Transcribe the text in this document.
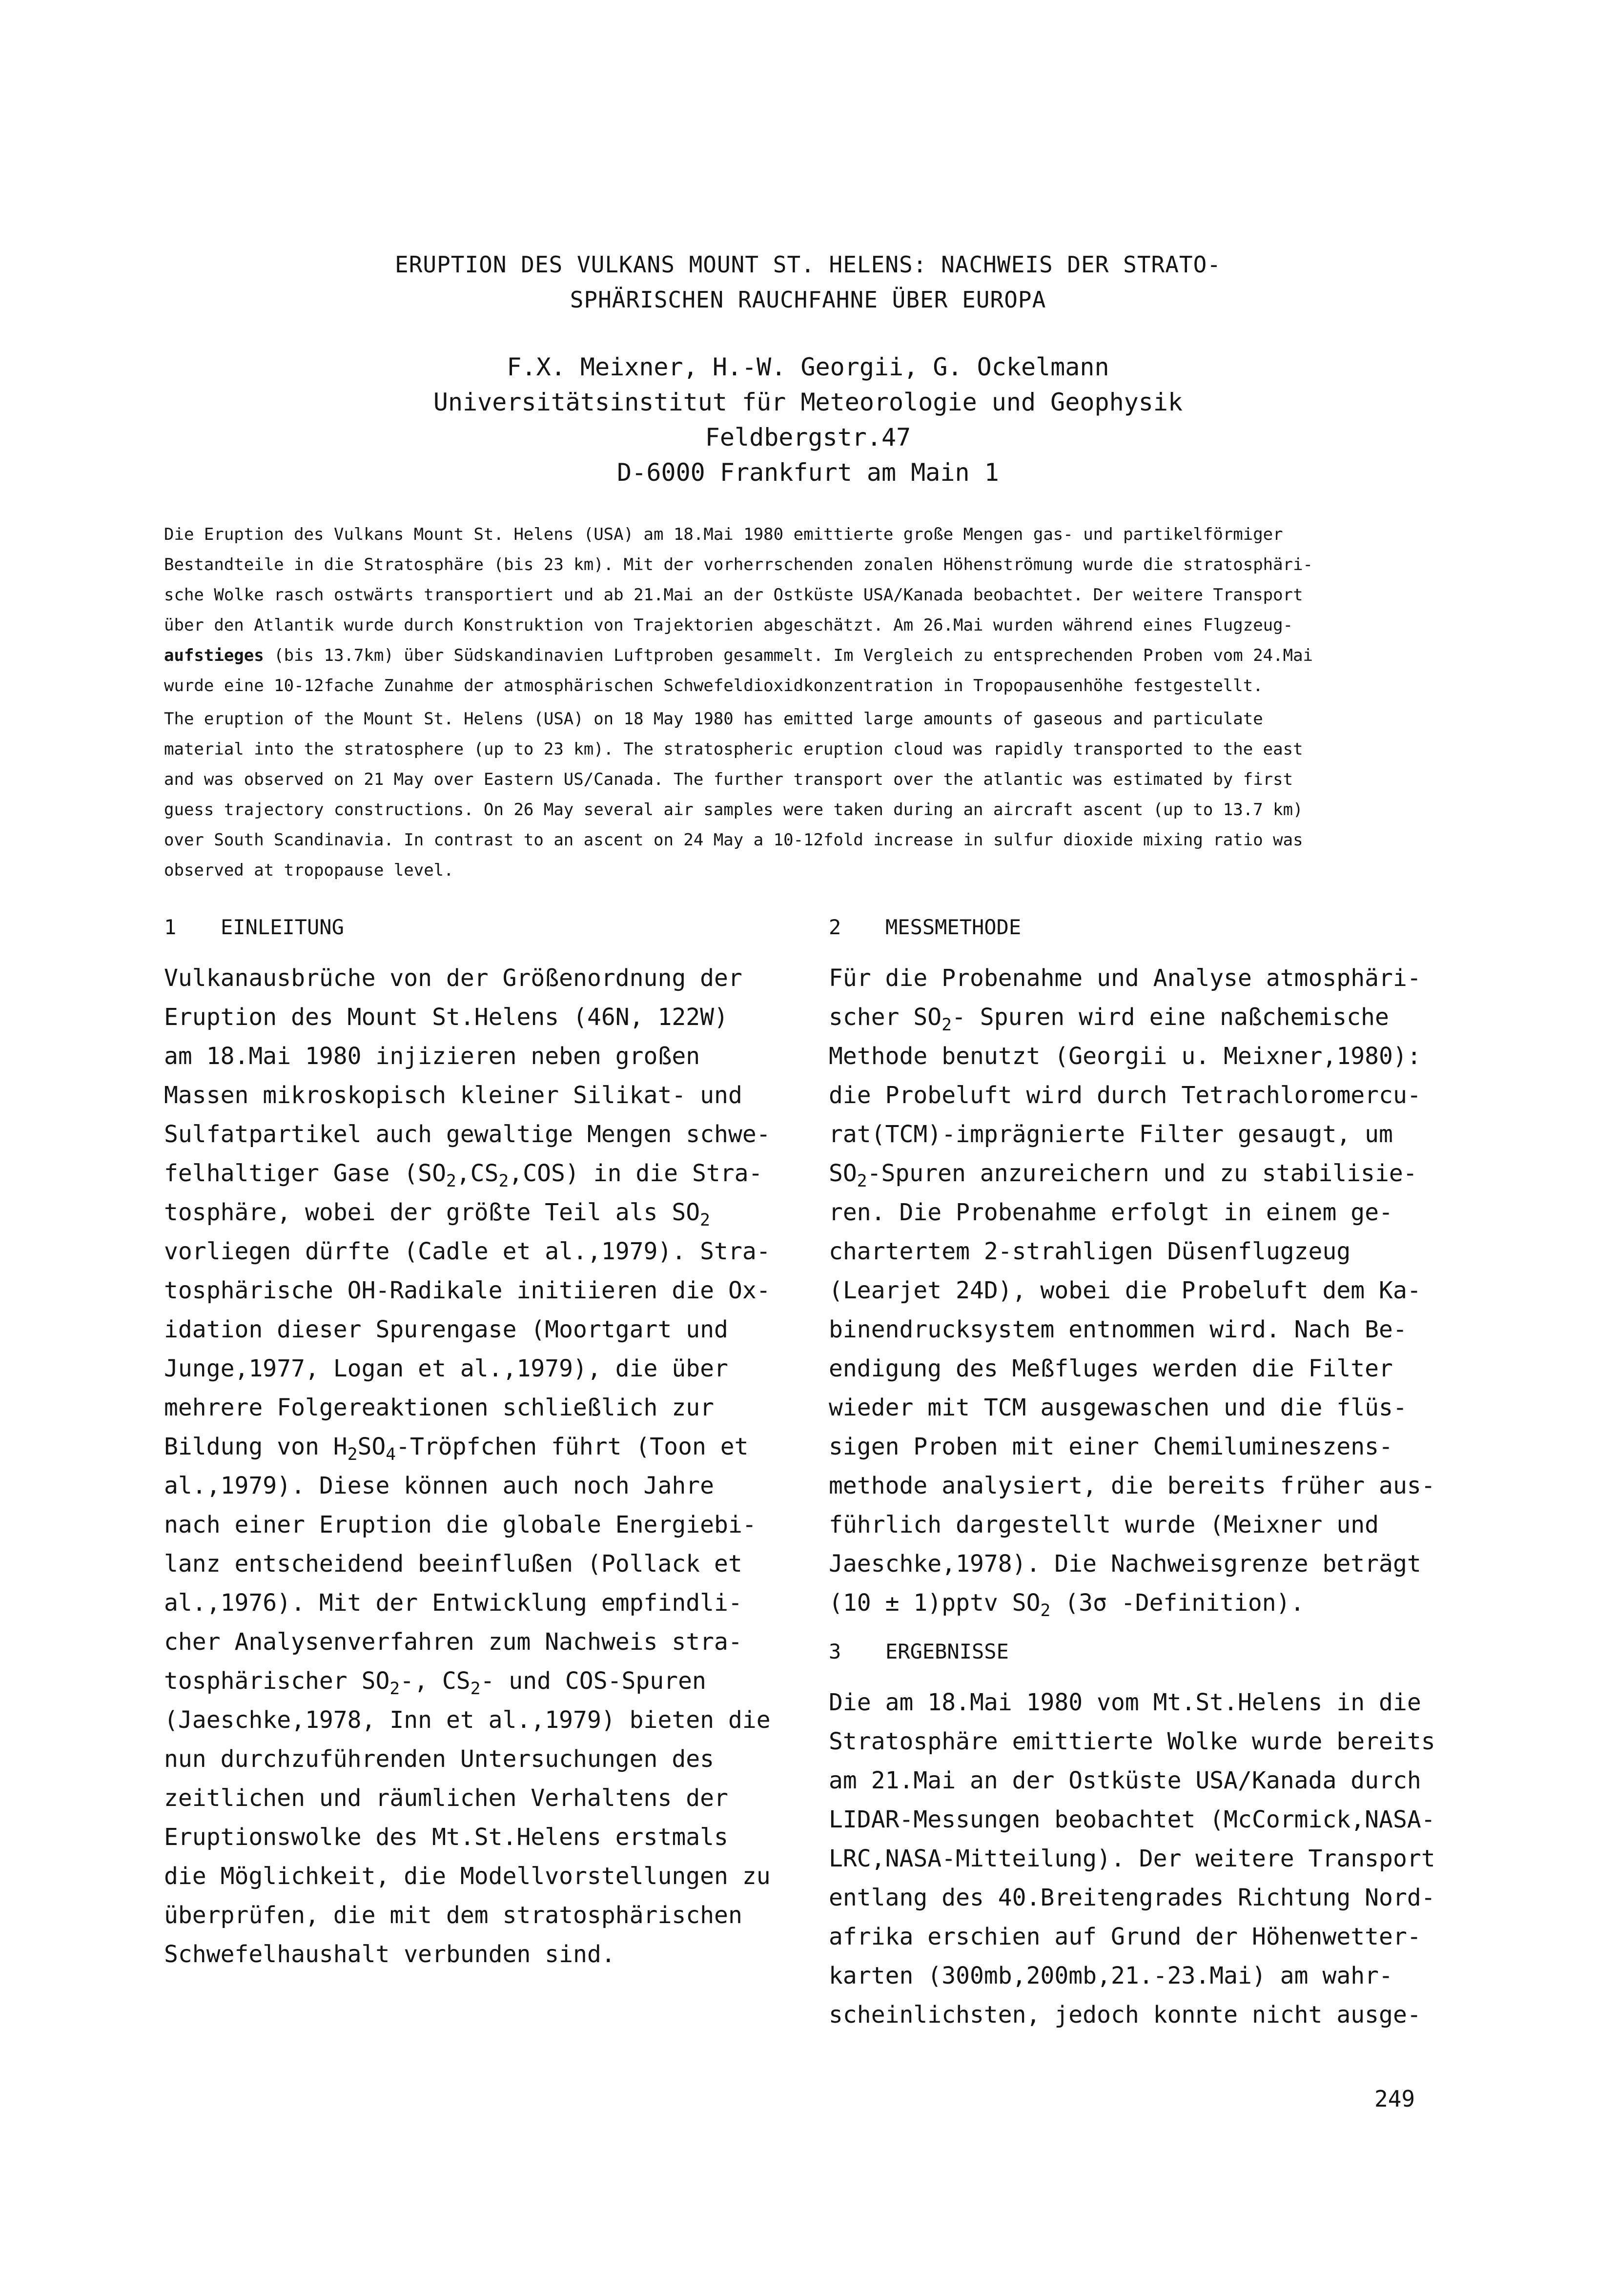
ERUPTION DES VULKANS MOUNT ST. HELENS: NACHWEIS DER STRATO-
SPHÄRISCHEN RAUCHFAHNE ÜBER EUROPA
F.X. Meixner, H.-W. Georgii, G. Ockelmann
Universitätsinstitut für Meteorologie und Geophysik
Feldbergstr.47
D-6000 Frankfurt am Main 1
Die Eruption des Vulkans Mount St. Helens (USA) am 18.Mai 1980 emittierte große Mengen gas- und partikelförmiger
Bestandteile in die Stratosphäre (bis 23 km). Mit der vorherrschenden zonalen Höhenströmung wurde die stratosphäri-
sche Wolke rasch ostwärts transportiert und ab 21.Mai an der Ostküste USA/Kanada beobachtet. Der weitere Transport
über den Atlantik wurde durch Konstruktion von Trajektorien abgeschätzt. Am 26.Mai wurden während eines Flugzeug-
aufstieges (bis 13.7km) über Südskandinavien Luftproben gesammelt. Im Vergleich zu entsprechenden Proben vom 24.Mai
wurde eine 10-12fache Zunahme der atmosphärischen Schwefeldioxidkonzentration in Tropopausenhöhe festgestellt.
The eruption of the Mount St. Helens (USA) on 18 May 1980 has emitted large amounts of gaseous and particulate
material into the stratosphere (up to 23 km). The stratospheric eruption cloud was rapidly transported to the east
and was observed on 21 May over Eastern US/Canada. The further transport over the atlantic was estimated by first
guess trajectory constructions. On 26 May several air samples were taken during an aircraft ascent (up to 13.7 km)
over South Scandinavia. In contrast to an ascent on 24 May a 10-12fold increase in sulfur dioxide mixing ratio was
observed at tropopause level.
1 EINLEITUNG
Vulkanausbrüche von der Größenordnung der
Eruption des Mount St.Helens (46N, 122W)
am 18.Mai 1980 injizieren neben großen
Massen mikroskopisch kleiner Silikat- und
Sulfatpartikel auch gewaltige Mengen schwe-
felhaltiger Gase $(SO_2,CS_2,COS)$ in die Stra-
tosphäre, wobei der größte Teil als $SO_2$
vorliegen dürfte (Cadle et al.,1979). Stra-
tosphärische OH-Radikale initiieren die Ox-
idation dieser Spurengase (Moortgart und
Junge,1977, Logan et al.,1979), die über
mehrere Folgereaktionen schließlich zur
Bildung von $H_2SO_4$-Tröpfchen führt (Toon et
al.,1979). Diese können auch noch Jahre
nach einer Eruption die globale Energiebi-
lanz entscheidend beeinflußen (Pollack et
al.,1976). Mit der Entwicklung empfindli-
cher Analysenverfahren zum Nachweis stra-
tosphärischer $SO_2-$, $CS_2-$ und COS-Spuren
(Jaeschke,1978, Inn et al.,1979) bieten die
nun durchzuführenden Untersuchungen des
zeitlichen und räumlichen Verhaltens der
Eruptionswolke des Mt.St.Helens erstmals
die Möglichkeit, die Modellvorstellungen zu
überprüfen, die mit dem stratosphärischen
Schwefelhaushalt verbunden sind.
2 MESSMETHODE
Für die Probenahme und Analyse atmosphäri-
scher $SO_2-$ Spuren wird eine naßchemische
Methode benutzt (Georgii u. Meixner,1980):
die Probeluft wird durch Tetrachloromercu-
rat(TCM)-imprägnierte Filter gesaugt, um
$SO_2$-Spuren anzureichern und zu stabilisie-
ren. Die Probenahme erfolgt in einem ge-
chartertem 2-strahligen Düsenflugzeug
(Learjet 24D), wobei die Probeluft dem Ka-
binendrucksystem entnommen wird. Nach Be-
endigung des Meßfluges werden die Filter
wieder mit TCM ausgewaschen und die flüs-
sigen Proben mit einer Chemilumineszens-
methode analysiert, die bereits früher aus-
führlich dargestellt wurde (Meixner und
Jaeschke,1978). Die Nachweisgrenze beträgt
(10 ± 1)pptv $SO_2$ (3σ -Definition).
3 ERGEBNISSE
Die am 18.Mai 1980 vom Mt.St.Helens in die
Stratosphäre emittierte Wolke wurde bereits
am 21.Mai an der Ostküste USA/Kanada durch
LIDAR-Messungen beobachtet (McCormick,NASA-
LRC,NASA-Mitteilung). Der weitere Transport
entlang des 40.Breitengrades Richtung Nord-
afrika erschien auf Grund der Höhenwetter-
karten (300mb,200mb,21.-23.Mai) am wahr-
scheinlichsten, jedoch konnte nicht ausge-
249
